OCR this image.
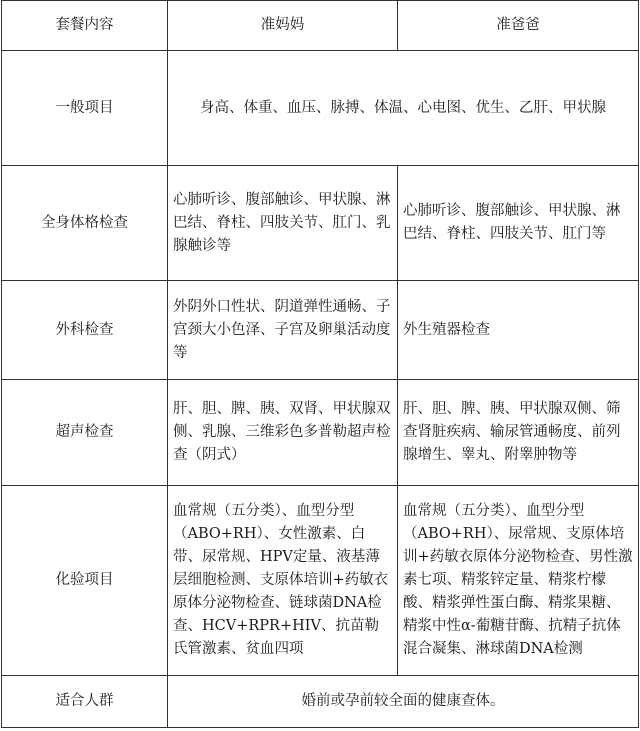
套餐内容	准妈妈	准爸爸
一般项目	身高、体重、血压、脉搏、体温、心电图、优生、乙肝、甲状腺	
全身体格检查	心肺听诊、腹部触诊、甲状腺、淋巴结、脊柱、四肢关节、肛门、乳腺触诊等	心肺听诊、腹部触诊、甲状腺、淋巴结、脊柱、四肢关节、肛门等
外科检查	外阴外口性状、阴道弹性通畅、子宫颈大小色泽、子宫及卵巢活动度等	外生殖器检查
超声检查	肝、胆、脾、胰、双肾、甲状腺双侧、乳腺、三维彩色多普勒超声检查（阴式）	肝、胆、脾、胰、甲状腺双侧、筛查肾脏疾病、输尿管通畅度、前列腺增生、睾丸、附睾肿物等
化验项目	血常规（五分类）、血型分型（ABO+RH）、女性激素、白带、尿常规、HPV定量、液基薄层细胞检测、支原体培训+药敏衣原体分泌物检查、链球菌DNA检查、HCV+RPR+HIV、抗苗勒氏管激素、贫血四项	血常规（五分类）、血型分型（ABO+RH）、尿常规、支原体培训+药敏衣原体分泌物检查、男性激素七项、精浆锌定量、精浆柠檬酸、精浆弹性蛋白酶、精浆果糖、精浆中性α-葡糖苷酶、抗精子抗体混合凝集、淋球菌DNA检测
适合人群	婚前或孕前较全面的健康查体。	
